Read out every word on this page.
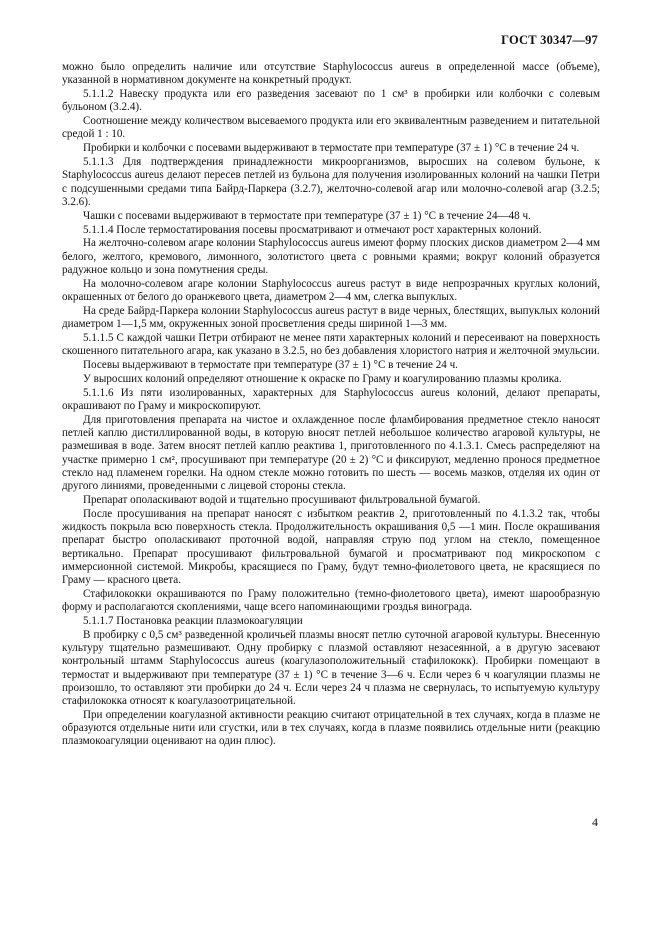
ГОСТ 30347—97

можно было определить наличие или отсутствие Staphylococcus aureus в определенной массе (объеме), указанной в нормативном документе на конкретный продукт.

5.1.1.2 Навеску продукта или его разведения засевают по 1 см³ в пробирки или колбочки с солевым бульоном (3.2.4).

Соотношение между количеством высеваемого продукта или его эквивалентным разведением и питательной средой 1 : 10.

Пробирки и колбочки с посевами выдерживают в термостате при температуре (37 ± 1) °С в течение 24 ч.

5.1.1.3 Для подтверждения принадлежности микроорганизмов, выросших на солевом бульоне, к Staphylococcus aureus делают пересев петлей из бульона для получения изолированных колоний на чашки Петри с подсушенными средами типа Байрд-Паркера (3.2.7), желточно-солевой агар или молочно-солевой агар (3.2.5; 3.2.6).

Чашки с посевами выдерживают в термостате при температуре (37 ± 1) °С в течение 24—48 ч.

5.1.1.4 После термостатирования посевы просматривают и отмечают рост характерных колоний.

На желточно-солевом агаре колонии Staphylococcus aureus имеют форму плоских дисков диаметром 2—4 мм белого, желтого, кремового, лимонного, золотистого цвета с ровными краями; вокруг колоний образуется радужное кольцо и зона помутнения среды.

На молочно-солевом агаре колонии Staphylococcus aureus растут в виде непрозрачных круглых колоний, окрашенных от белого до оранжевого цвета, диаметром 2—4 мм, слегка выпуклых.

На среде Байрд-Паркера колонии Staphylococcus aureus растут в виде черных, блестящих, выпуклых колоний диаметром 1—1,5 мм, окруженных зоной просветления среды шириной 1—3 мм.

5.1.1.5 С каждой чашки Петри отбирают не менее пяти характерных колоний и пересеивают на поверхность скошенного питательного агара, как указано в 3.2.5, но без добавления хлористого натрия и желточной эмульсии.

Посевы выдерживают в термостате при температуре (37 ± 1) °С в течение 24 ч.

У выросших колоний определяют отношение к окраске по Граму и коагулированию плазмы кролика.

5.1.1.6 Из пяти изолированных, характерных для Staphylococcus aureus колоний, делают препараты, окрашивают по Граму и микроскопируют.

Для приготовления препарата на чистое и охлажденное после фламбирования предметное стекло наносят петлей каплю дистиллированной воды, в которую вносят петлей небольшое количество агаровой культуры, не размешивая в воде. Затем вносят петлей каплю реактива 1, приготовленного по 4.1.3.1. Смесь распределяют на участке примерно 1 см², просушивают при температуре (20 ± 2) °С и фиксируют, медленно пронося предметное стекло над пламенем горелки. На одном стекле можно готовить по шесть — восемь мазков, отделяя их один от другого линиями, проведенными с лицевой стороны стекла.

Препарат ополаскивают водой и тщательно просушивают фильтровальной бумагой.

После просушивания на препарат наносят с избытком реактив 2, приготовленный по 4.1.3.2 так, чтобы жидкость покрыла всю поверхность стекла. Продолжительность окрашивания 0,5 —1 мин. После окрашивания препарат быстро ополаскивают проточной водой, направляя струю под углом на стекло, помещенное вертикально. Препарат просушивают фильтровальной бумагой и просматривают под микроскопом с иммерсионной системой. Микробы, красящиеся по Граму, будут темно-фиолетового цвета, не красящиеся по Граму — красного цвета.

Стафилококки окрашиваются по Граму положительно (темно-фиолетового цвета), имеют шарообразную форму и располагаются скоплениями, чаще всего напоминающими гроздья винограда.

5.1.1.7 Постановка реакции плазмокоагуляции

В пробирку с 0,5 см³ разведенной кроличьей плазмы вносят петлю суточной агаровой культуры. Внесенную культуру тщательно размешивают. Одну пробирку с плазмой оставляют незасеянной, а в другую засевают контрольный штамм Staphylococcus aureus (коагулазоположительный стафилококк). Пробирки помещают в термостат и выдерживают при температуре (37 ± 1) °С в течение 3—6 ч. Если через 6 ч коагуляции плазмы не произошло, то оставляют эти пробирки до 24 ч. Если через 24 ч плазма не свернулась, то испытуемую культуру стафилококка относят к коагулазоотрицательной.

При определении коагулазной активности реакцию считают отрицательной в тех случаях, когда в плазме не образуются отдельные нити или сгустки, или в тех случаях, когда в плазме появились отдельные нити (реакцию плазмокоагуляции оценивают на один плюс).

4
